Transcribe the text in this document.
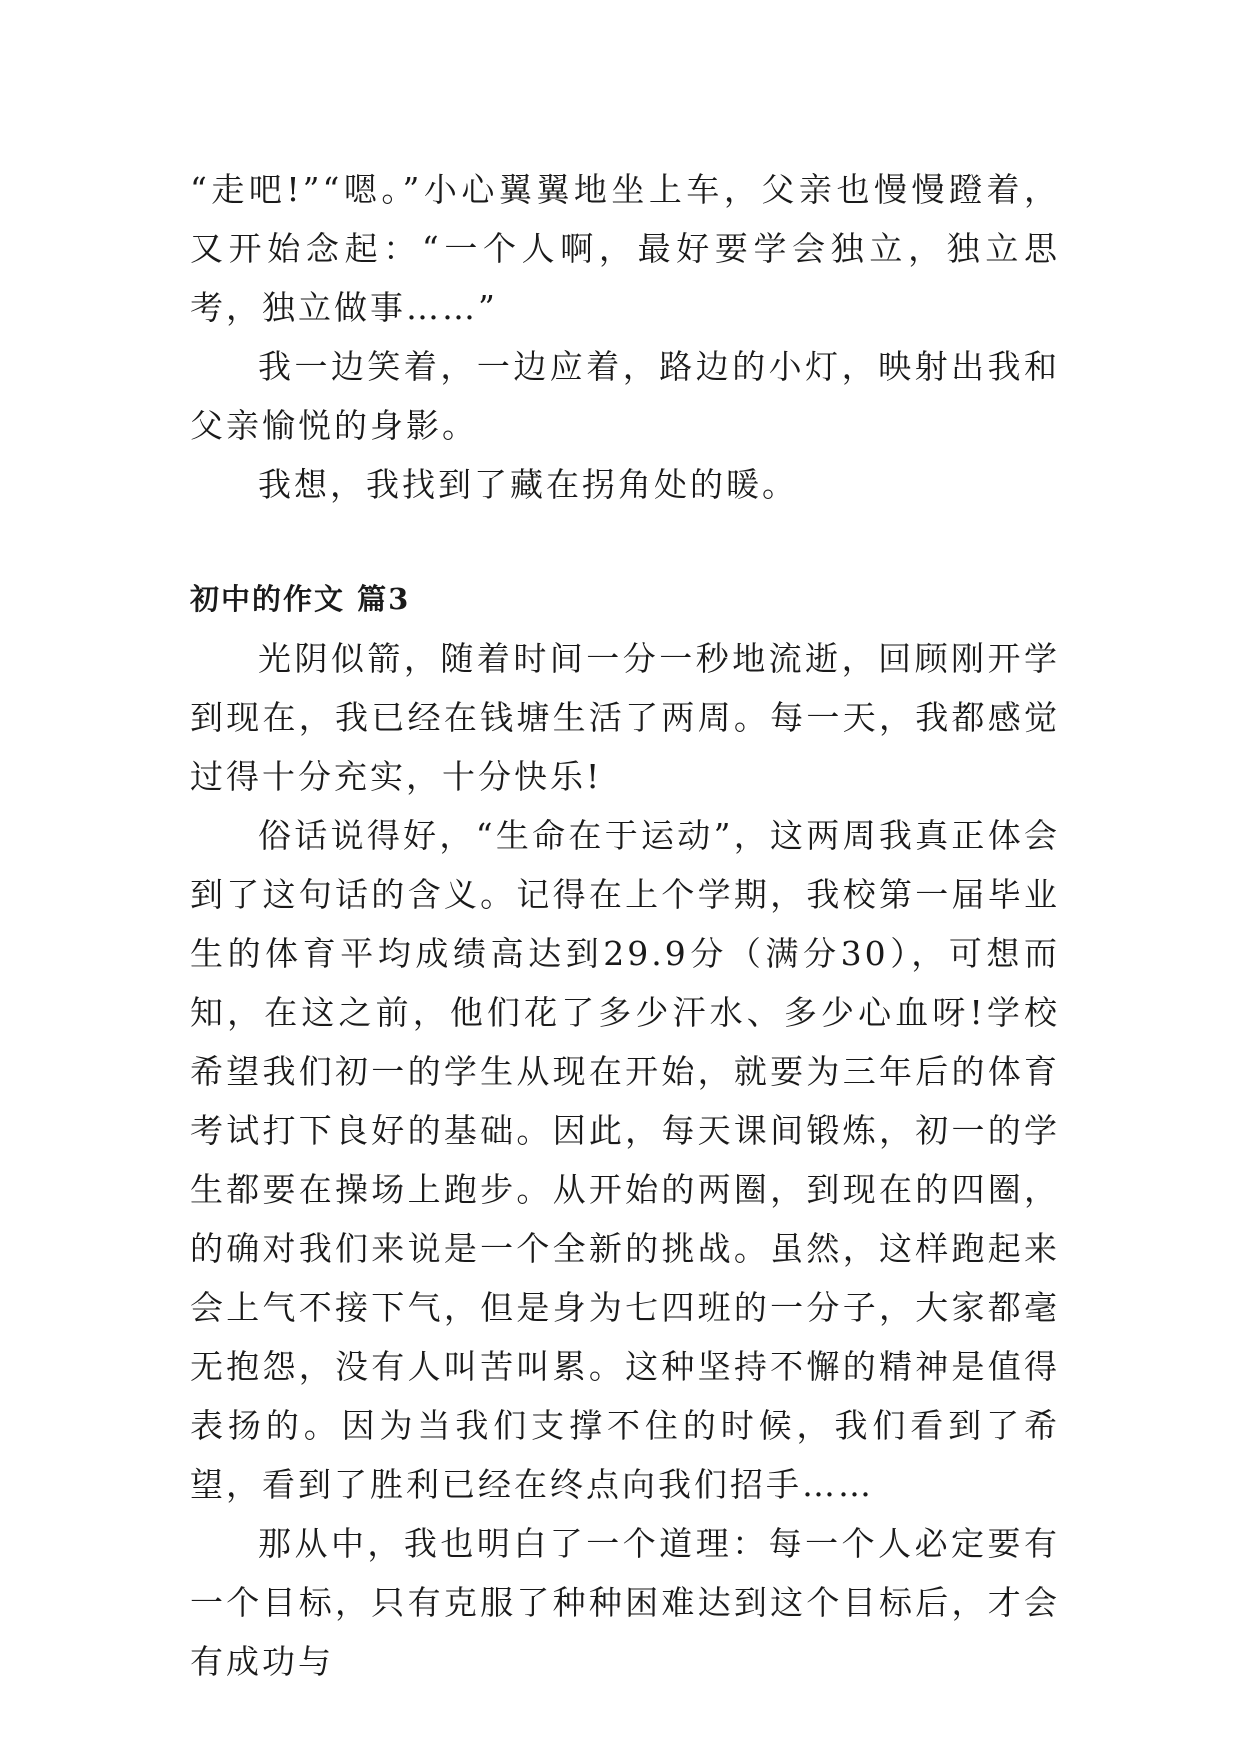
“走吧!”“嗯。”小心翼翼地坐上车，父亲也慢慢蹬着，又开始念起：“一个人啊，最好要学会独立，独立思考，独立做事……”

我一边笑着，一边应着，路边的小灯，映射出我和父亲愉悦的身影。

我想，我找到了藏在拐角处的暖。

初中的作文 篇3

光阴似箭，随着时间一分一秒地流逝，回顾刚开学到现在，我已经在钱塘生活了两周。每一天，我都感觉过得十分充实，十分快乐!

俗话说得好，“生命在于运动”，这两周我真正体会到了这句话的含义。记得在上个学期，我校第一届毕业生的体育平均成绩高达到29.9分（满分30），可想而知，在这之前，他们花了多少汗水、多少心血呀!学校希望我们初一的学生从现在开始，就要为三年后的体育考试打下良好的基础。因此，每天课间锻炼，初一的学生都要在操场上跑步。从开始的两圈，到现在的四圈，的确对我们来说是一个全新的挑战。虽然，这样跑起来会上气不接下气，但是身为七四班的一分子，大家都毫无抱怨，没有人叫苦叫累。这种坚持不懈的精神是值得表扬的。因为当我们支撑不住的时候，我们看到了希望，看到了胜利已经在终点向我们招手……

那从中，我也明白了一个道理：每一个人必定要有一个目标，只有克服了种种困难达到这个目标后，才会有成功与
